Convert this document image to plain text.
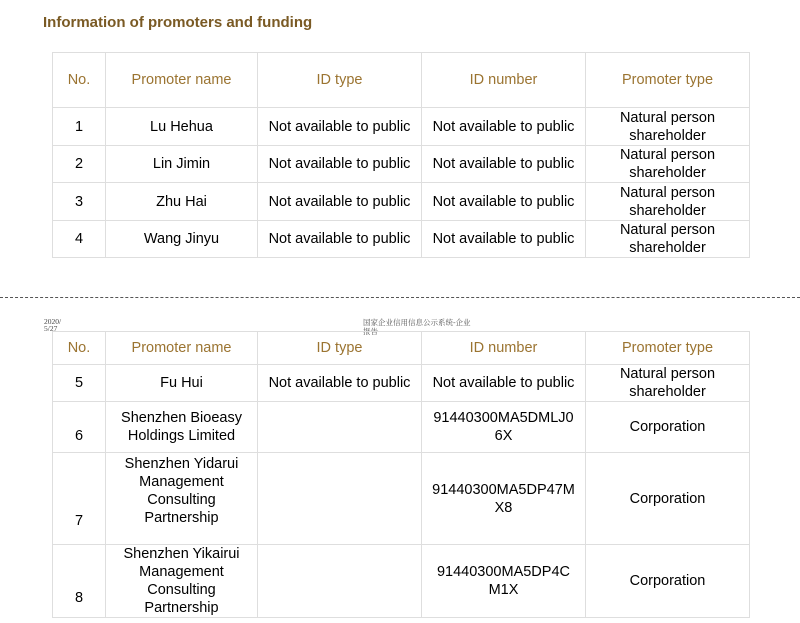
Information of promoters and funding
No.	Promoter name	ID type	ID number	Promoter type
1	Lu Hehua	Not available to public	Not available to public	Natural person shareholder
2	Lin Jimin	Not available to public	Not available to public	Natural person shareholder
3	Zhu Hai	Not available to public	Not available to public	Natural person shareholder
4	Wang Jinyu	Not available to public	Not available to public	Natural person shareholder
2020/
5/27
国家企业信用信息公示系统-企业
报告
No.	Promoter name	ID type	ID number	Promoter type
5	Fu Hui	Not available to public	Not available to public	Natural person shareholder
6	Shenzhen Bioeasy Holdings Limited		91440300MA5DMLJ06X	Corporation
7	Shenzhen Yidarui Management Consulting Partnership		91440300MA5DP47MX8	Corporation
8	Shenzhen Yikairui Management Consulting Partnership		91440300MA5DP4CM1X	Corporation
